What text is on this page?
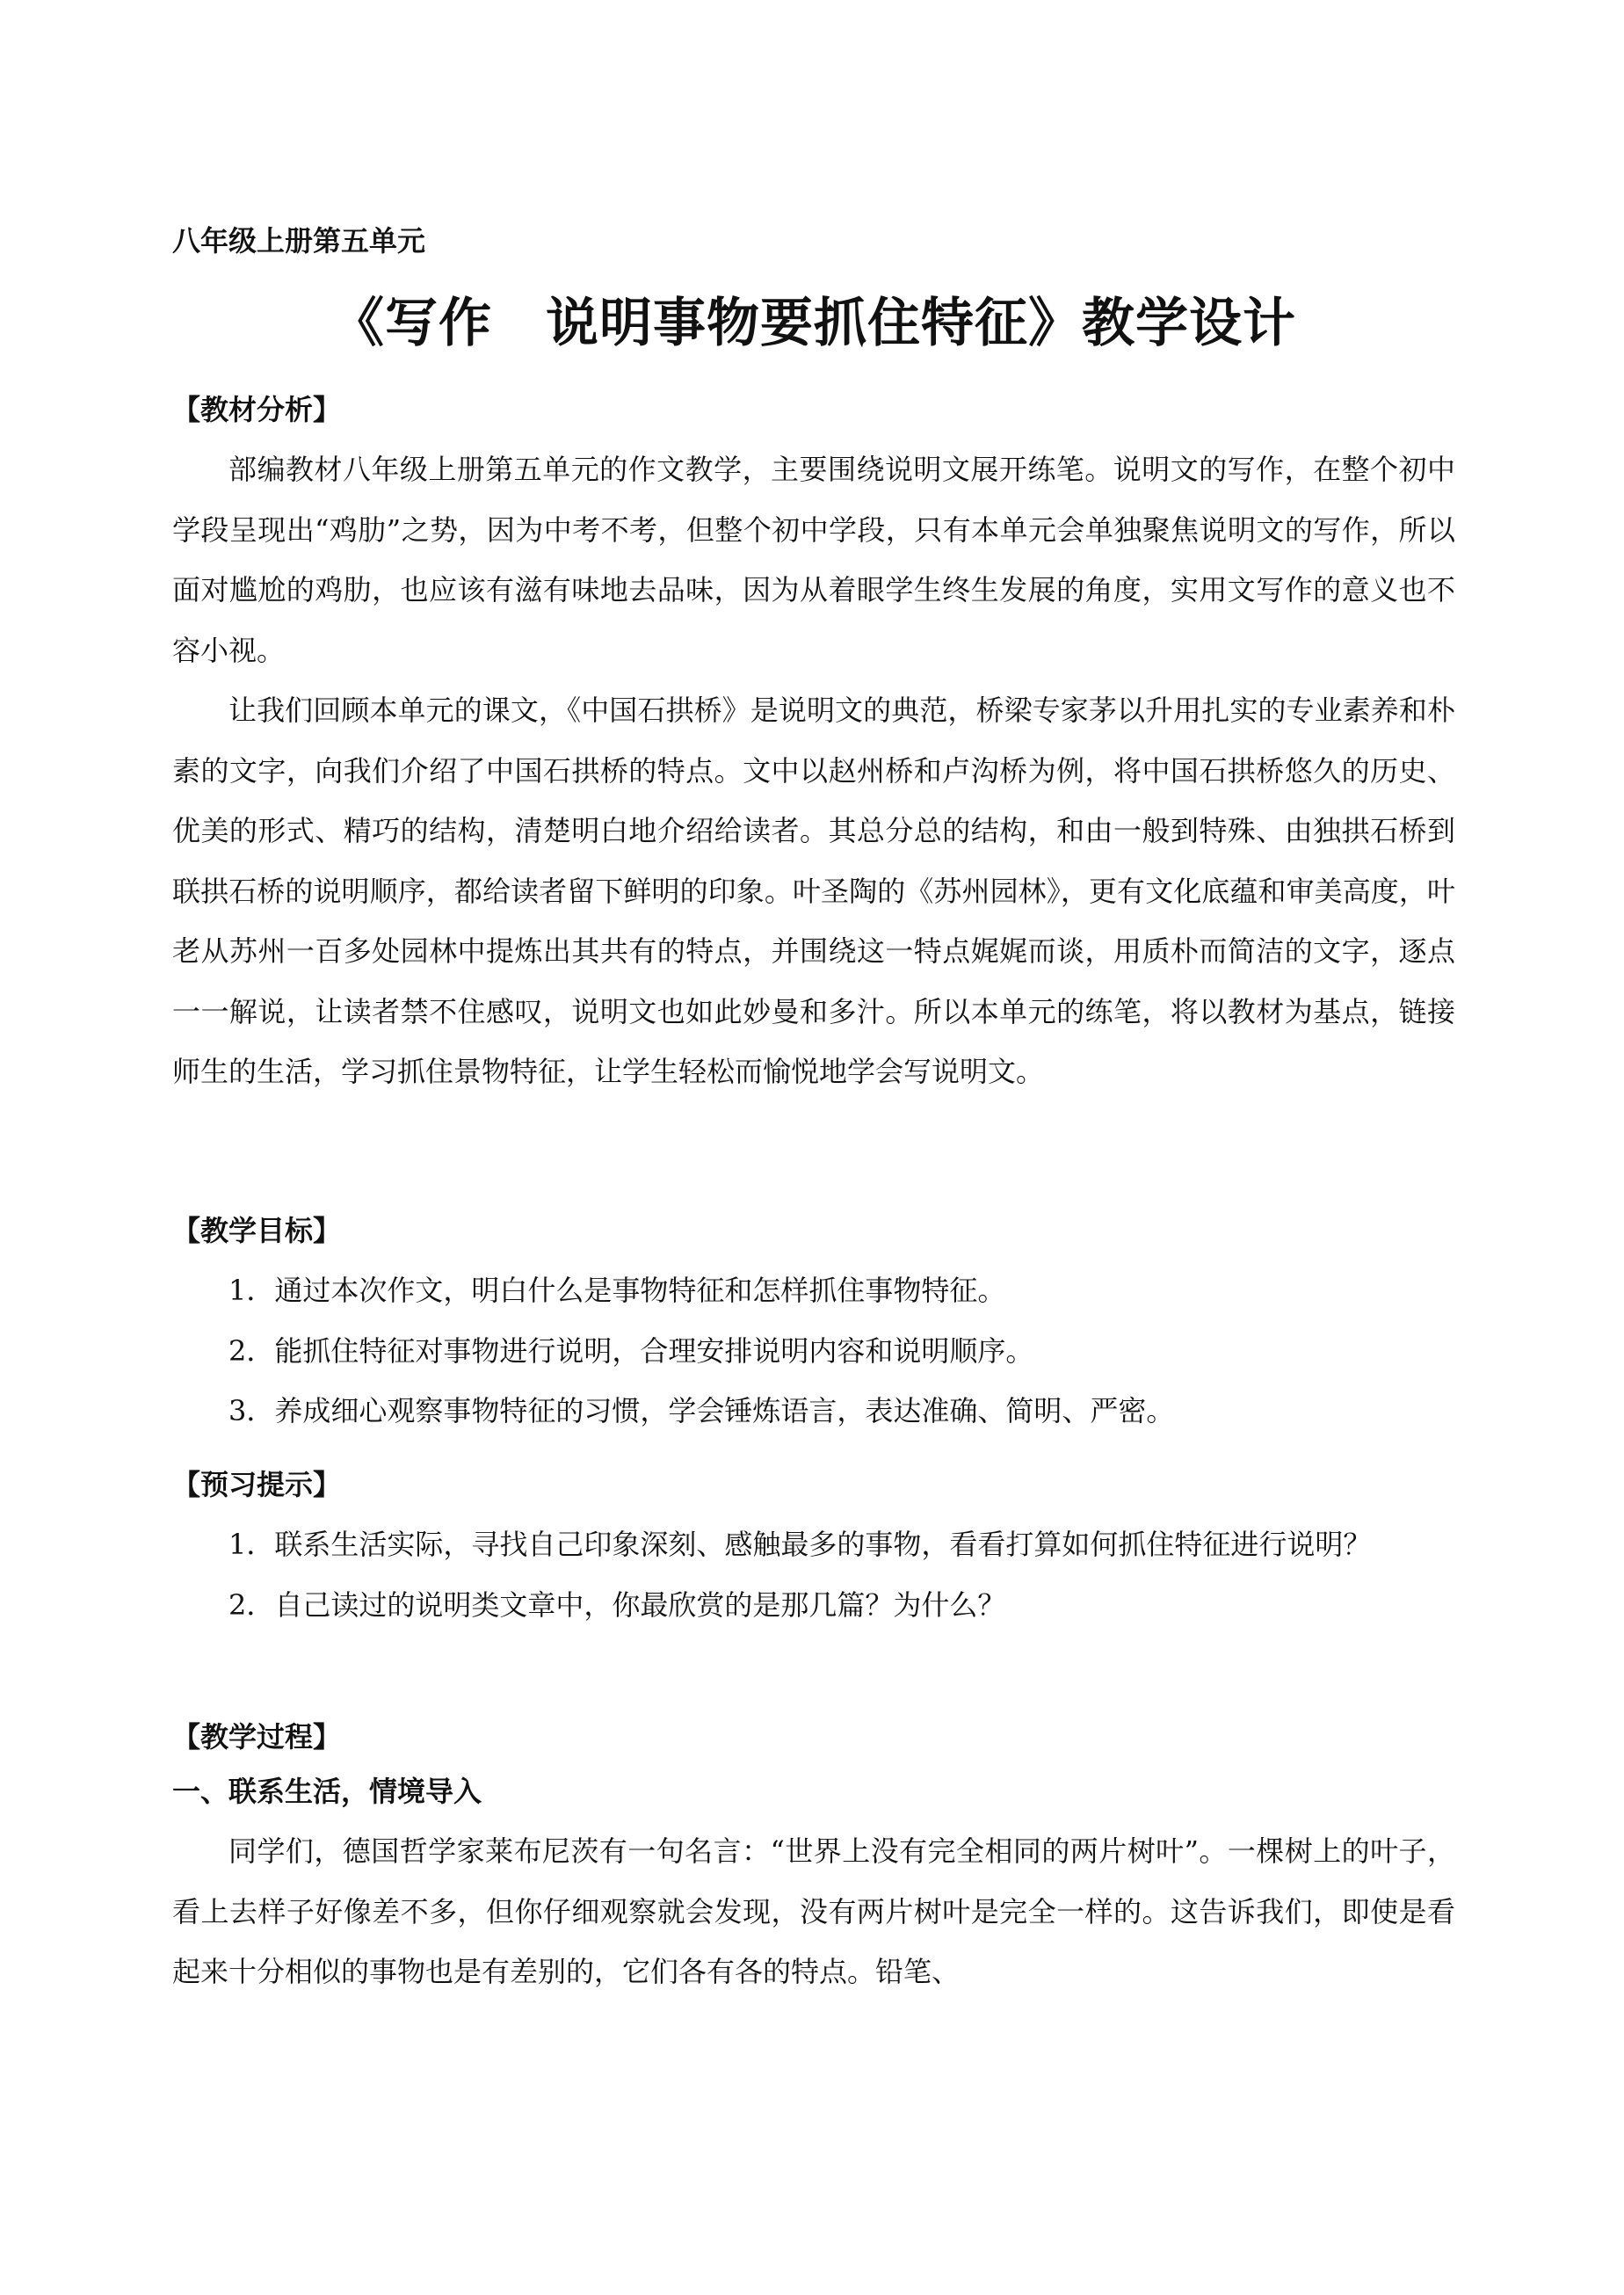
八年级上册第五单元
《写作　说明事物要抓住特征》教学设计
【教材分析】

部编教材八年级上册第五单元的作文教学，主要围绕说明文展开练笔。说明文的写作，在整个初中学段呈现出“鸡肋”之势，因为中考不考，但整个初中学段，只有本单元会单独聚焦说明文的写作，所以面对尴尬的鸡肋，也应该有滋有味地去品味，因为从着眼学生终生发展的角度，实用文写作的意义也不容小视。

让我们回顾本单元的课文，《中国石拱桥》是说明文的典范，桥梁专家茅以升用扎实的专业素养和朴素的文字，向我们介绍了中国石拱桥的特点。文中以赵州桥和卢沟桥为例，将中国石拱桥悠久的历史、优美的形式、精巧的结构，清楚明白地介绍给读者。其总分总的结构，和由一般到特殊、由独拱石桥到联拱石桥的说明顺序，都给读者留下鲜明的印象。叶圣陶的《苏州园林》，更有文化底蕴和审美高度，叶老从苏州一百多处园林中提炼出其共有的特点，并围绕这一特点娓娓而谈，用质朴而简洁的文字，逐点一一解说，让读者禁不住感叹，说明文也如此妙曼和多汁。所以本单元的练笔，将以教材为基点，链接师生的生活，学习抓住景物特征，让学生轻松而愉悦地学会写说明文。

【教学目标】

1．通过本次作文，明白什么是事物特征和怎样抓住事物特征。

2．能抓住特征对事物进行说明，合理安排说明内容和说明顺序。

3．养成细心观察事物特征的习惯，学会锤炼语言，表达准确、简明、严密。

【预习提示】

1．联系生活实际，寻找自己印象深刻、感触最多的事物，看看打算如何抓住特征进行说明？

2．自己读过的说明类文章中，你最欣赏的是那几篇？为什么？

【教学过程】
一、联系生活，情境导入

同学们，德国哲学家莱布尼茨有一句名言：“世界上没有完全相同的两片树叶”。一棵树上的叶子，看上去样子好像差不多，但你仔细观察就会发现，没有两片树叶是完全一样的。这告诉我们，即使是看起来十分相似的事物也是有差别的，它们各有各的特点。铅笔、
